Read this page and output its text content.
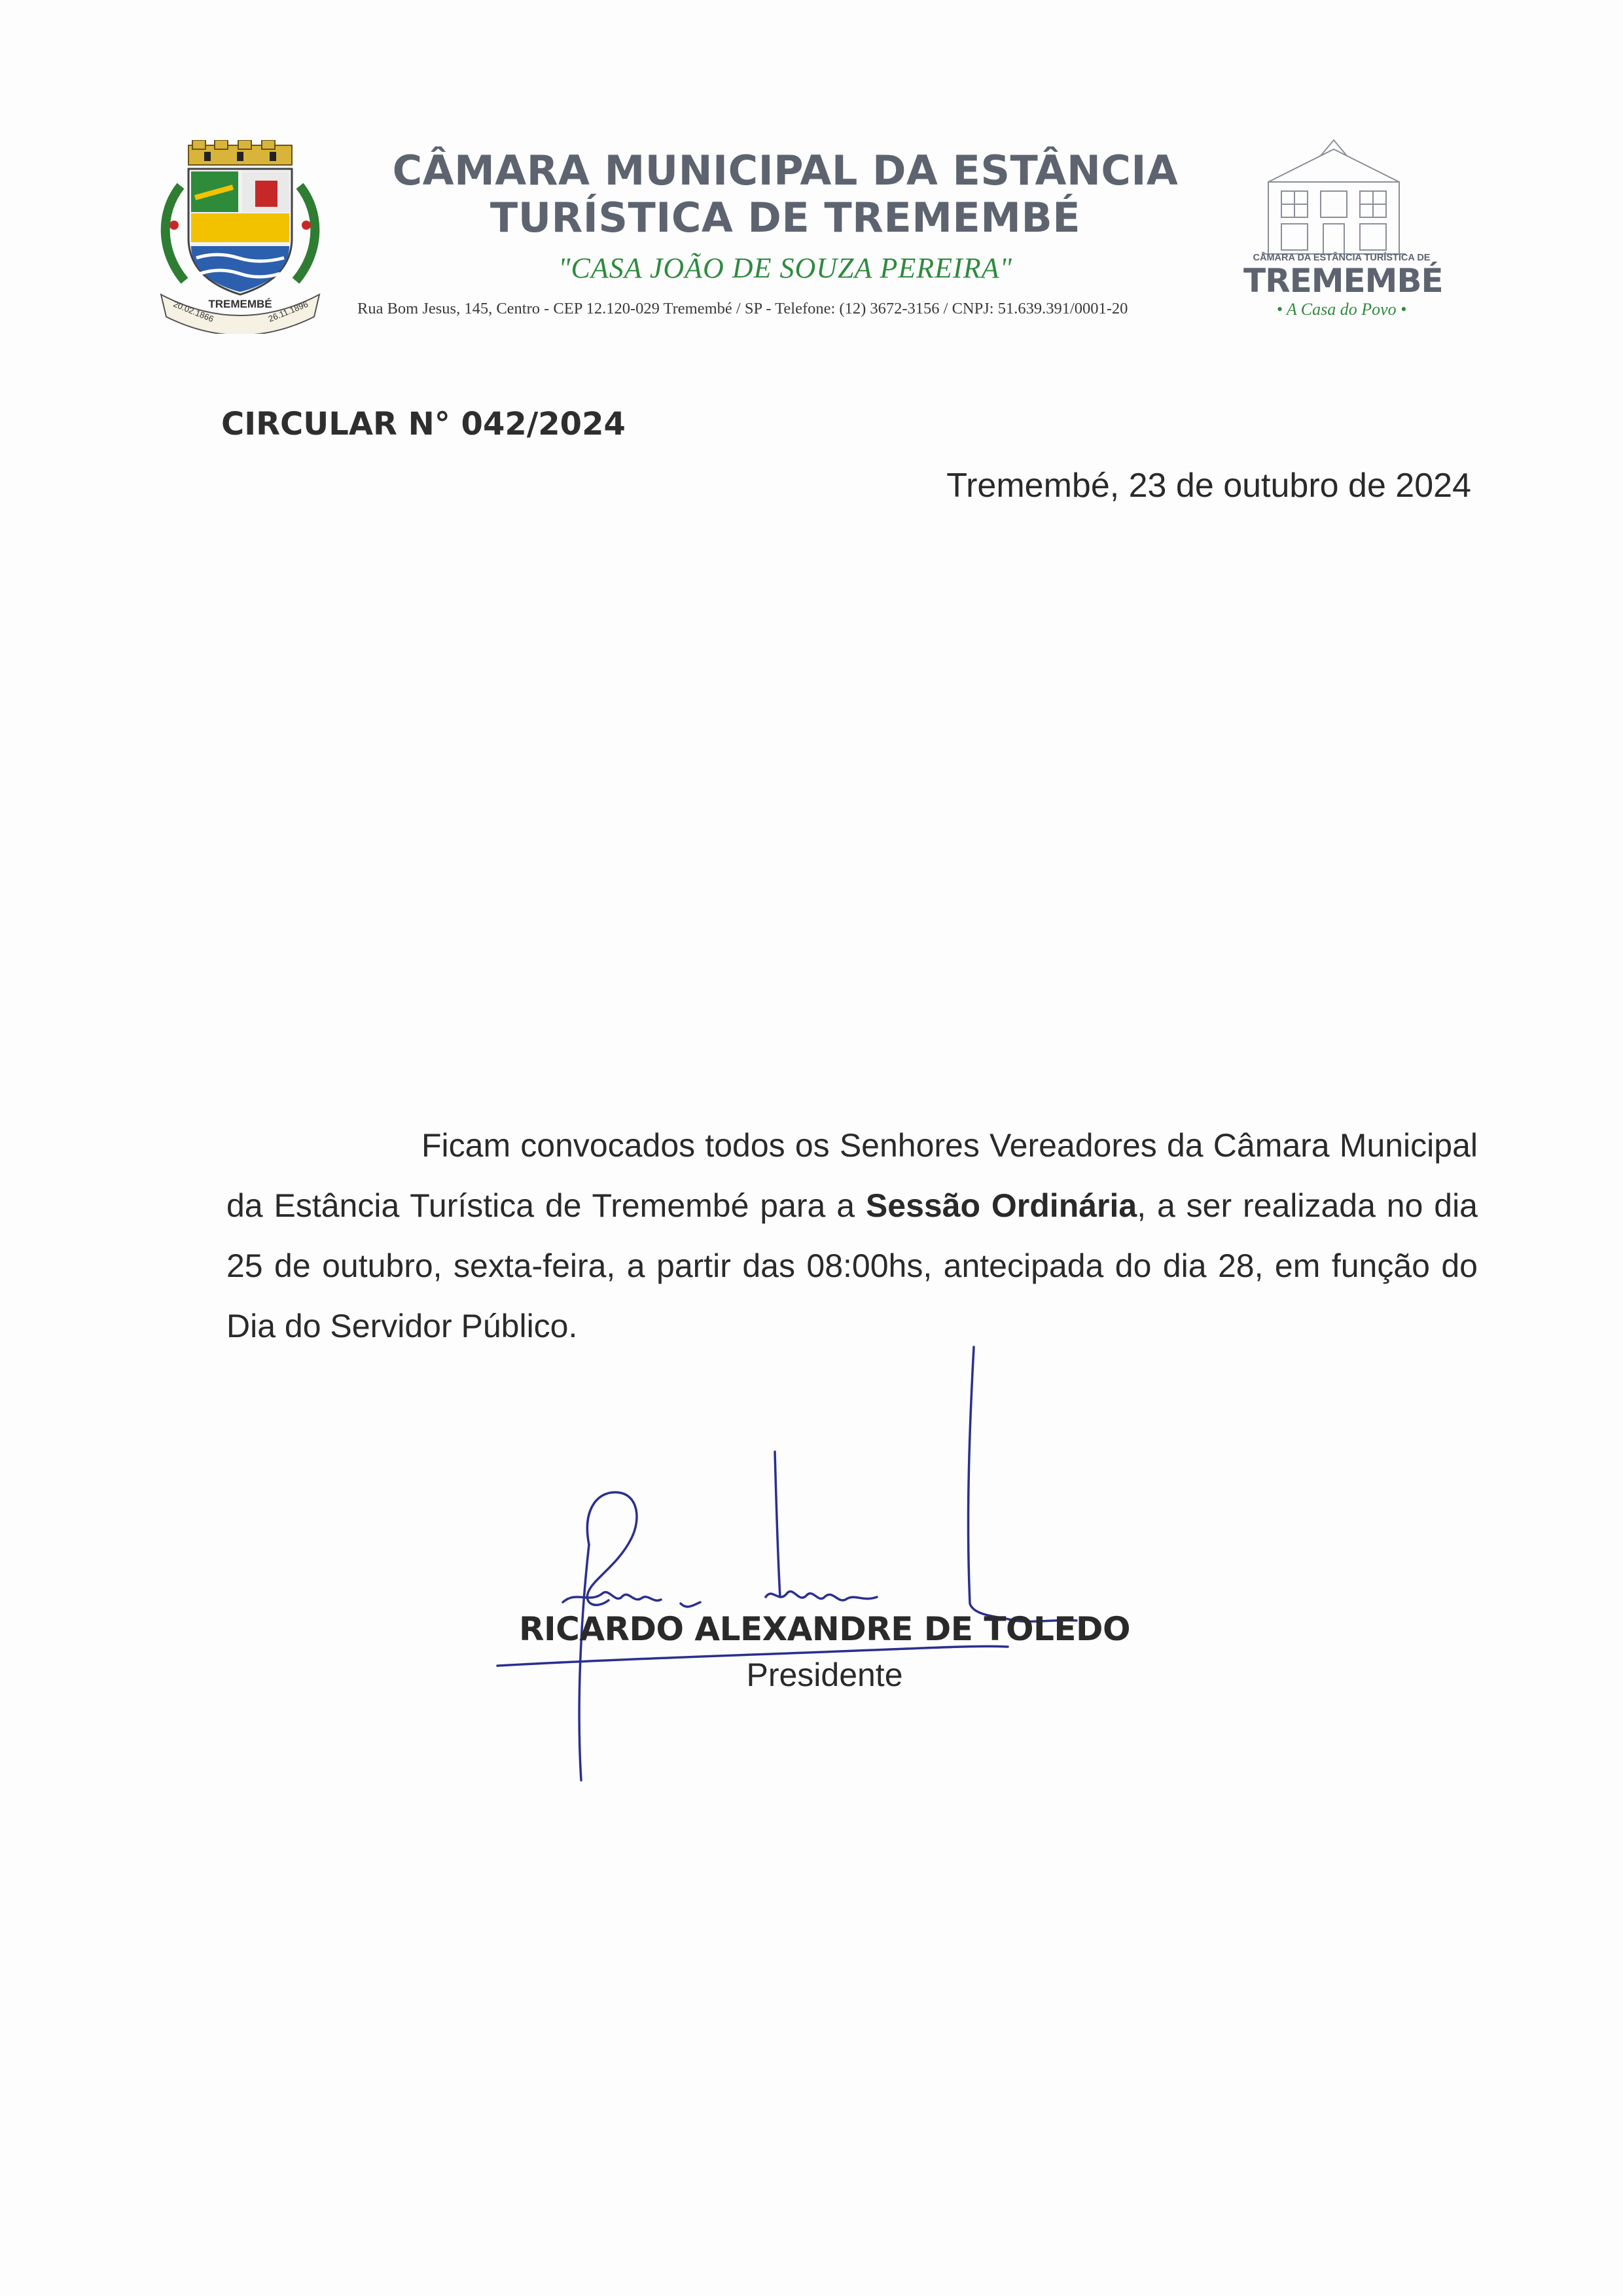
TREMEMBÉ
20.02.1866	26.11.1896
CÂMARA MUNICIPAL DA ESTÂNCIA
TURÍSTICA DE TREMEMBÉ
"CASA JOÃO DE SOUZA PEREIRA"
Rua Bom Jesus, 145, Centro - CEP 12.120-029 Tremembé / SP - Telefone: (12) 3672-3156 / CNPJ: 51.639.391/0001-20
CÂMARA DA ESTÂNCIA TURÍSTICA DE
TREMEMBÉ
• A Casa do Povo •
CIRCULAR N° 042/2024
Tremembé, 23 de outubro de 2024
Ficam convocados todos os Senhores Vereadores da Câmara Municipal da Estância Turística de Tremembé para a Sessão Ordinária, a ser realizada no dia 25 de outubro, sexta-feira, a partir das 08:00hs, antecipada do dia 28, em função do Dia do Servidor Público.
RICARDO ALEXANDRE DE TOLEDO
Presidente
